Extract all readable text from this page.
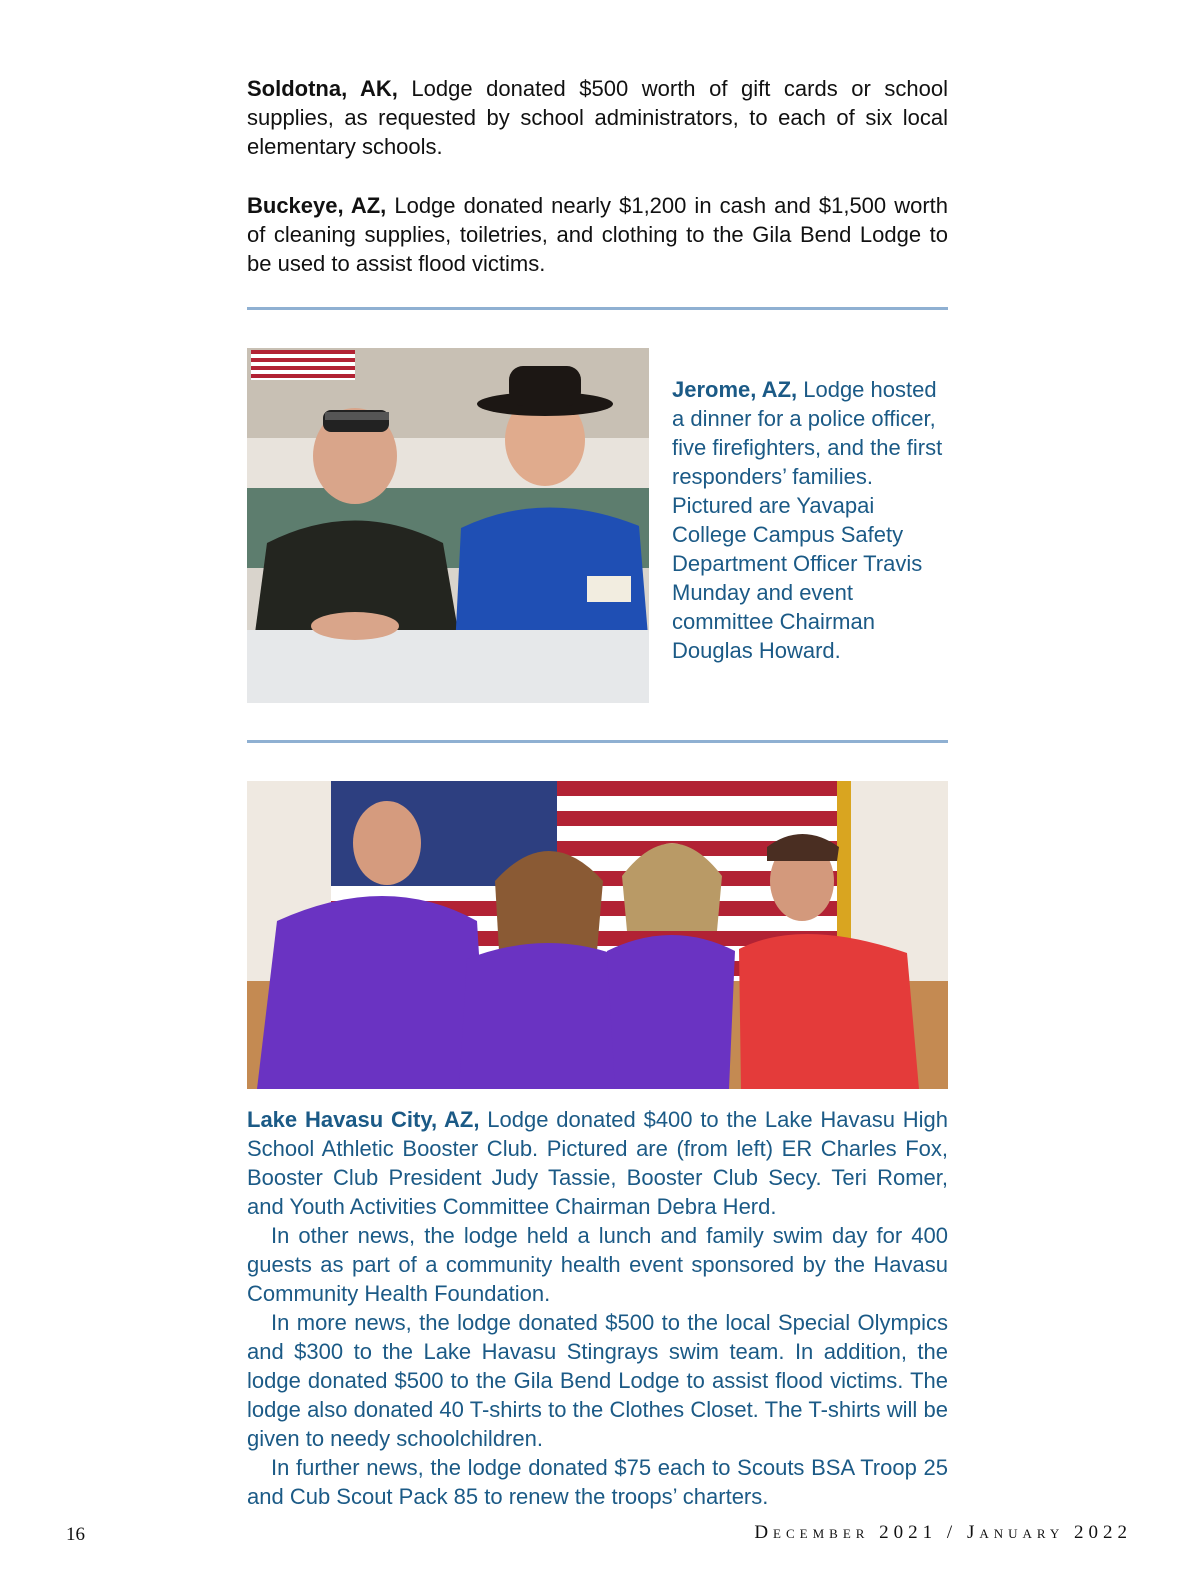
Soldotna, AK, Lodge donated $500 worth of gift cards or school supplies, as requested by school administrators, to each of six local elementary schools.

Buckeye, AZ, Lodge donated nearly $1,200 in cash and $1,500 worth of cleaning supplies, toiletries, and clothing to the Gila Bend Lodge to be used to assist flood victims.

Jerome, AZ, Lodge hosted a dinner for a police officer, five firefighters, and the first responders’ families. Pictured are Yavapai College Campus Safety Department Officer Travis Munday and event committee Chairman Douglas Howard.

Lake Havasu City, AZ, Lodge donated $400 to the Lake Havasu High School Athletic Booster Club. Pictured are (from left) ER Charles Fox, Booster Club President Judy Tassie, Booster Club Secy. Teri Romer, and Youth Activities Committee Chairman Debra Herd.

In other news, the lodge held a lunch and family swim day for 400 guests as part of a community health event sponsored by the Havasu Community Health Foundation.

In more news, the lodge donated $500 to the local Special Olympics and $300 to the Lake Havasu Stingrays swim team. In addition, the lodge donated $500 to the Gila Bend Lodge to assist flood victims. The lodge also donated 40 T-shirts to the Clothes Closet. The T-shirts will be given to needy schoolchildren.

In further news, the lodge donated $75 each to Scouts BSA Troop 25 and Cub Scout Pack 85 to renew the troops’ charters.

16	December 2021 / January 2022
